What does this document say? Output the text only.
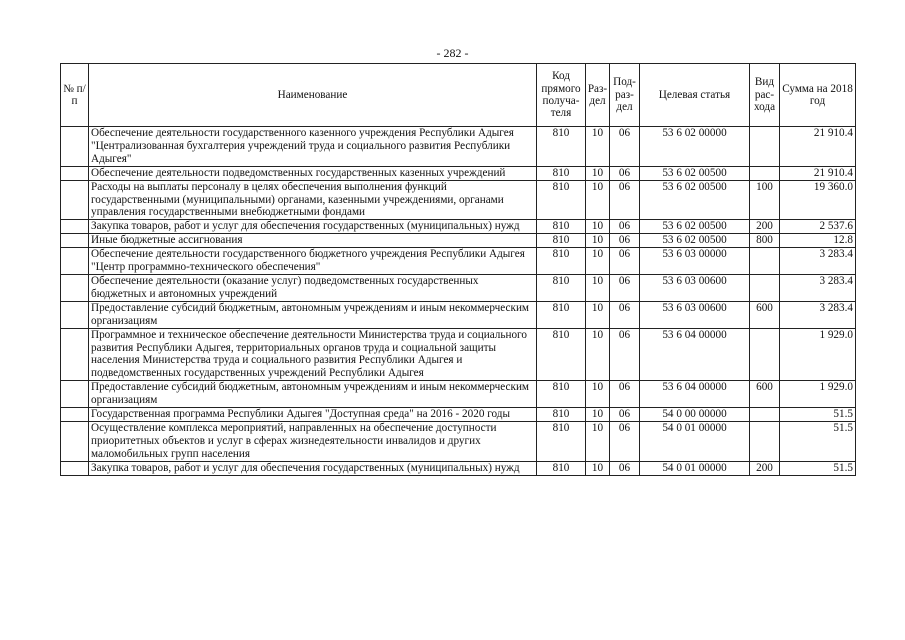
- 282 -
№ п/п	Наименование	Код прямого получа-теля	Раз-дел	Под-раз-дел	Целевая статья	Вид рас-хода	Сумма на 2018 год
	Обеспечение деятельности государственного казенного учреждения Республики Адыгея "Централизованная бухгалтерия учреждений труда и социального развития Республики Адыгея"	810	10	06	53 6 02 00000		21 910.4
	Обеспечение деятельности подведомственных государственных казенных учреждений	810	10	06	53 6 02 00500		21 910.4
	Расходы на выплаты персоналу в целях обеспечения выполнения функций государственными (муниципальными) органами, казенными учреждениями, органами управления государственными внебюджетными фондами	810	10	06	53 6 02 00500	100	19 360.0
	Закупка товаров, работ и услуг для обеспечения государственных (муниципальных) нужд	810	10	06	53 6 02 00500	200	2 537.6
	Иные бюджетные ассигнования	810	10	06	53 6 02 00500	800	12.8
	Обеспечение деятельности государственного бюджетного учреждения Республики Адыгея "Центр программно-технического обеспечения"	810	10	06	53 6 03 00000		3 283.4
	Обеспечение деятельности (оказание услуг) подведомственных государственных бюджетных и автономных учреждений	810	10	06	53 6 03 00600		3 283.4
	Предоставление субсидий бюджетным, автономным учреждениям и иным некоммерческим организациям	810	10	06	53 6 03 00600	600	3 283.4
	Программное и техническое обеспечение деятельности Министерства труда и социального развития Республики Адыгея, территориальных органов труда и социальной защиты населения Министерства труда и социального развития Республики Адыгея и подведомственных государственных учреждений Республики Адыгея	810	10	06	53 6 04 00000		1 929.0
	Предоставление субсидий бюджетным, автономным учреждениям и иным некоммерческим организациям	810	10	06	53 6 04 00000	600	1 929.0
	Государственная программа Республики Адыгея "Доступная среда" на 2016 - 2020 годы	810	10	06	54 0 00 00000		51.5
	Осуществление комплекса мероприятий, направленных на обеспечение доступности приоритетных объектов и услуг в сферах жизнедеятельности инвалидов и других маломобильных групп населения	810	10	06	54 0 01 00000		51.5
	Закупка товаров, работ и услуг для обеспечения государственных (муниципальных) нужд	810	10	06	54 0 01 00000	200	51.5
